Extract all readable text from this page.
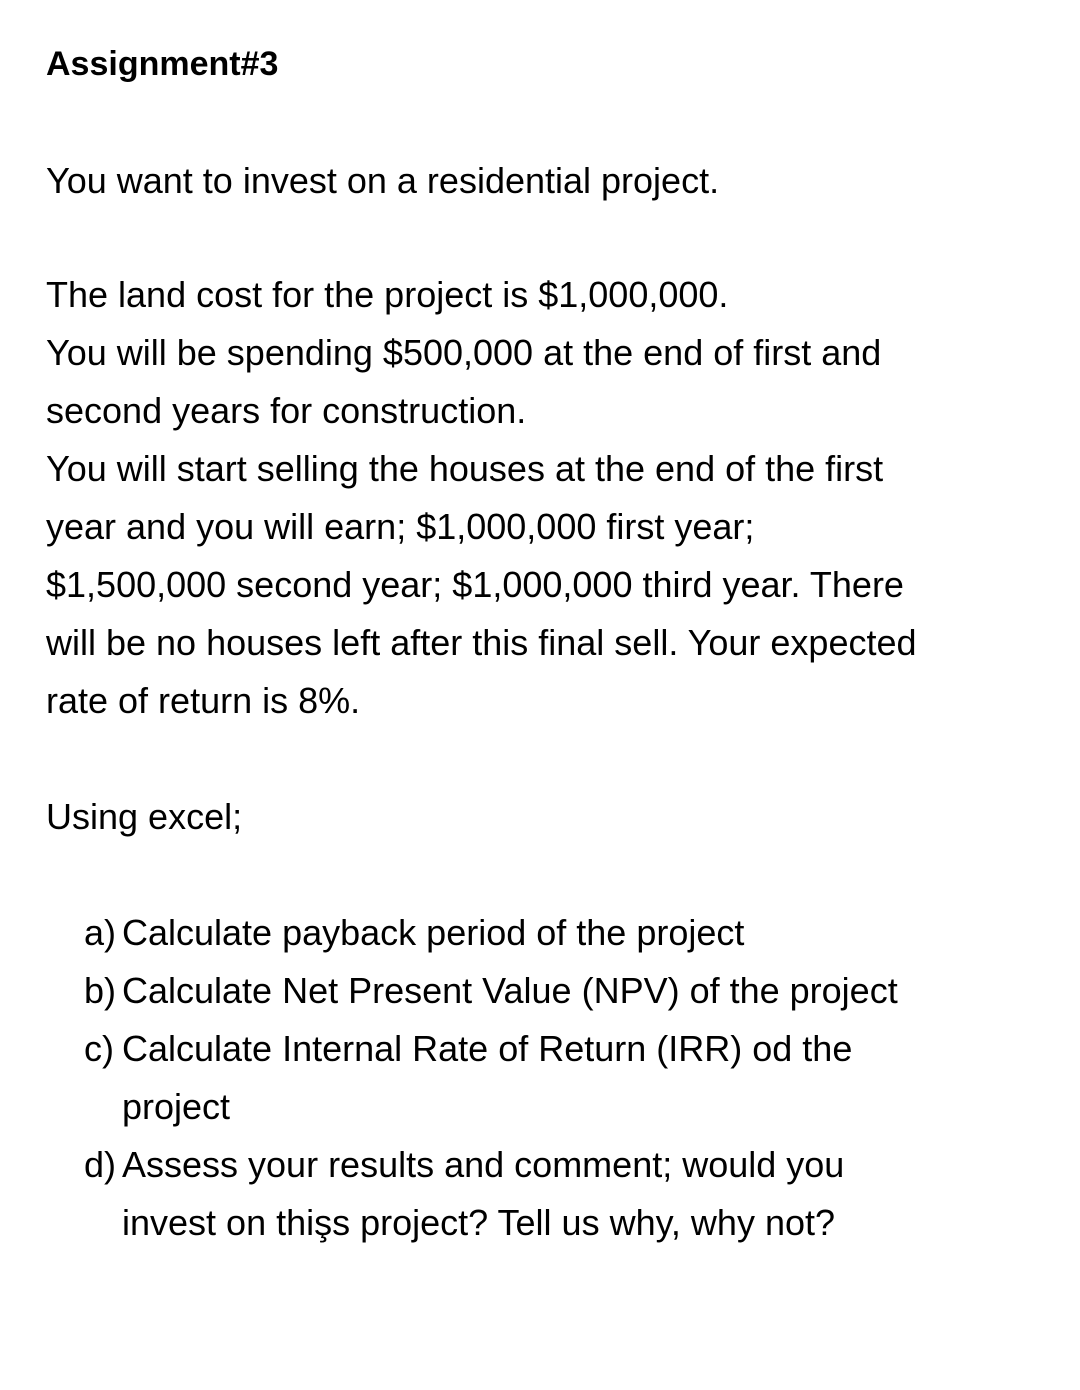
Assignment#3
You want to invest on a residential project.
The land cost for the project is $1,000,000.
You will be spending $500,000 at the end of first and
second years for construction.
You will start selling the houses at the end of the first
year and you will earn; $1,000,000 first year;
$1,500,000 second year; $1,000,000 third year. There
will be no houses left after this final sell. Your expected
rate of return is 8%.
Using excel;
a) Calculate payback period of the project
b) Calculate Net Present Value (NPV) of the project
c) Calculate Internal Rate of Return (IRR) od the
project
d) Assess your results and comment; would you
invest on thişs project? Tell us why, why not?
